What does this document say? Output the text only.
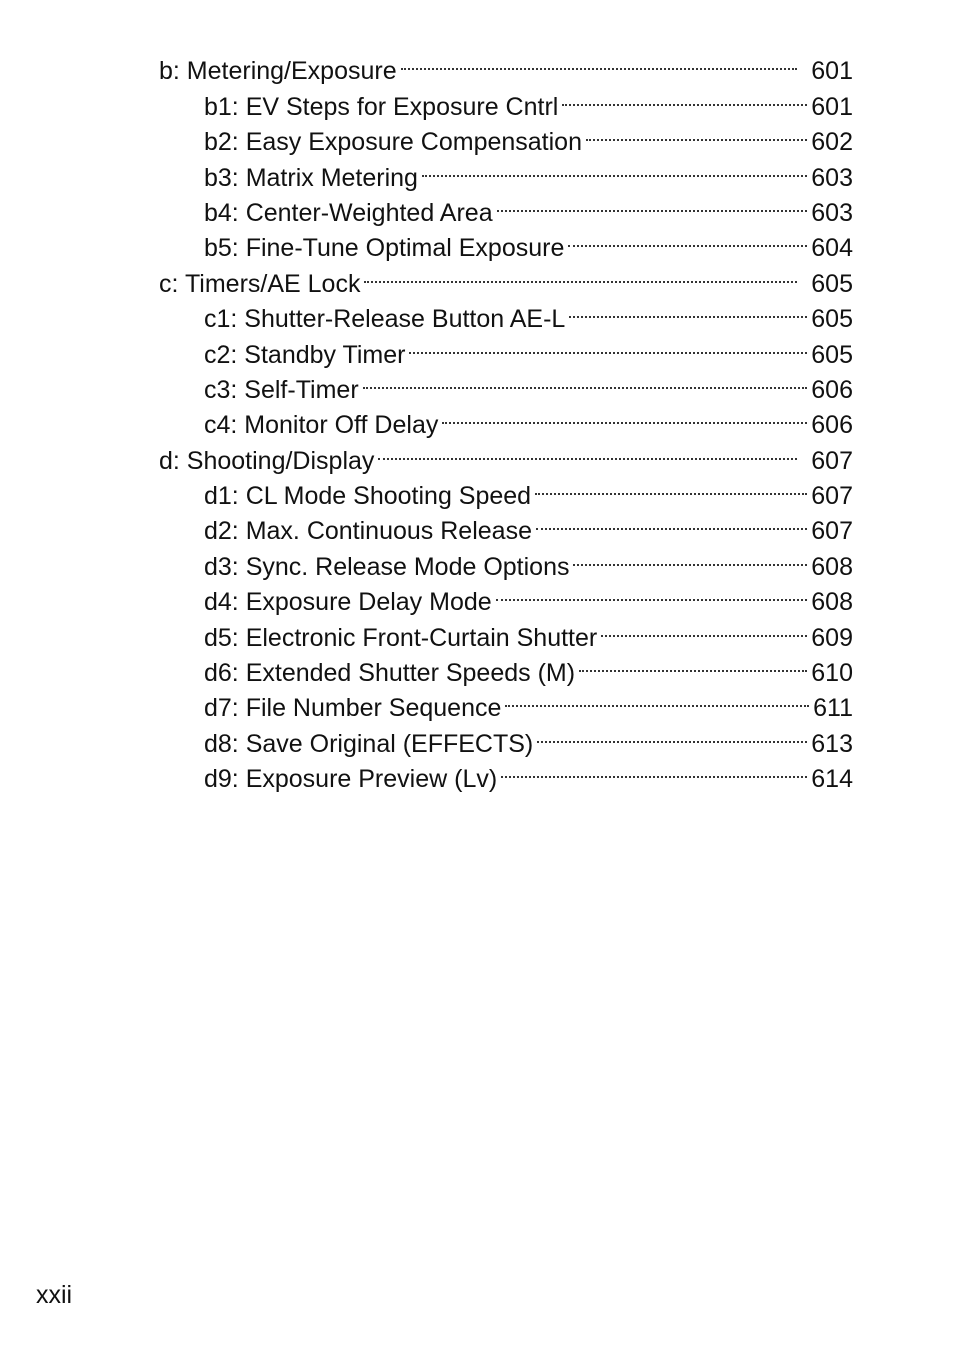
b: Metering/Exposure	601
b1: EV Steps for Exposure Cntrl	601
b2: Easy Exposure Compensation	602
b3: Matrix Metering	603
b4: Center-Weighted Area	603
b5: Fine-Tune Optimal Exposure	604
c: Timers/AE Lock	605
c1: Shutter-Release Button AE-L	605
c2: Standby Timer	605
c3: Self-Timer	606
c4: Monitor Off Delay	606
d: Shooting/Display	607
d1: CL Mode Shooting Speed	607
d2: Max. Continuous Release	607
d3: Sync. Release Mode Options	608
d4: Exposure Delay Mode	608
d5: Electronic Front-Curtain Shutter	609
d6: Extended Shutter Speeds (M)	610
d7: File Number Sequence	611
d8: Save Original (EFFECTS)	613
d9: Exposure Preview (Lv)	614
xxii
